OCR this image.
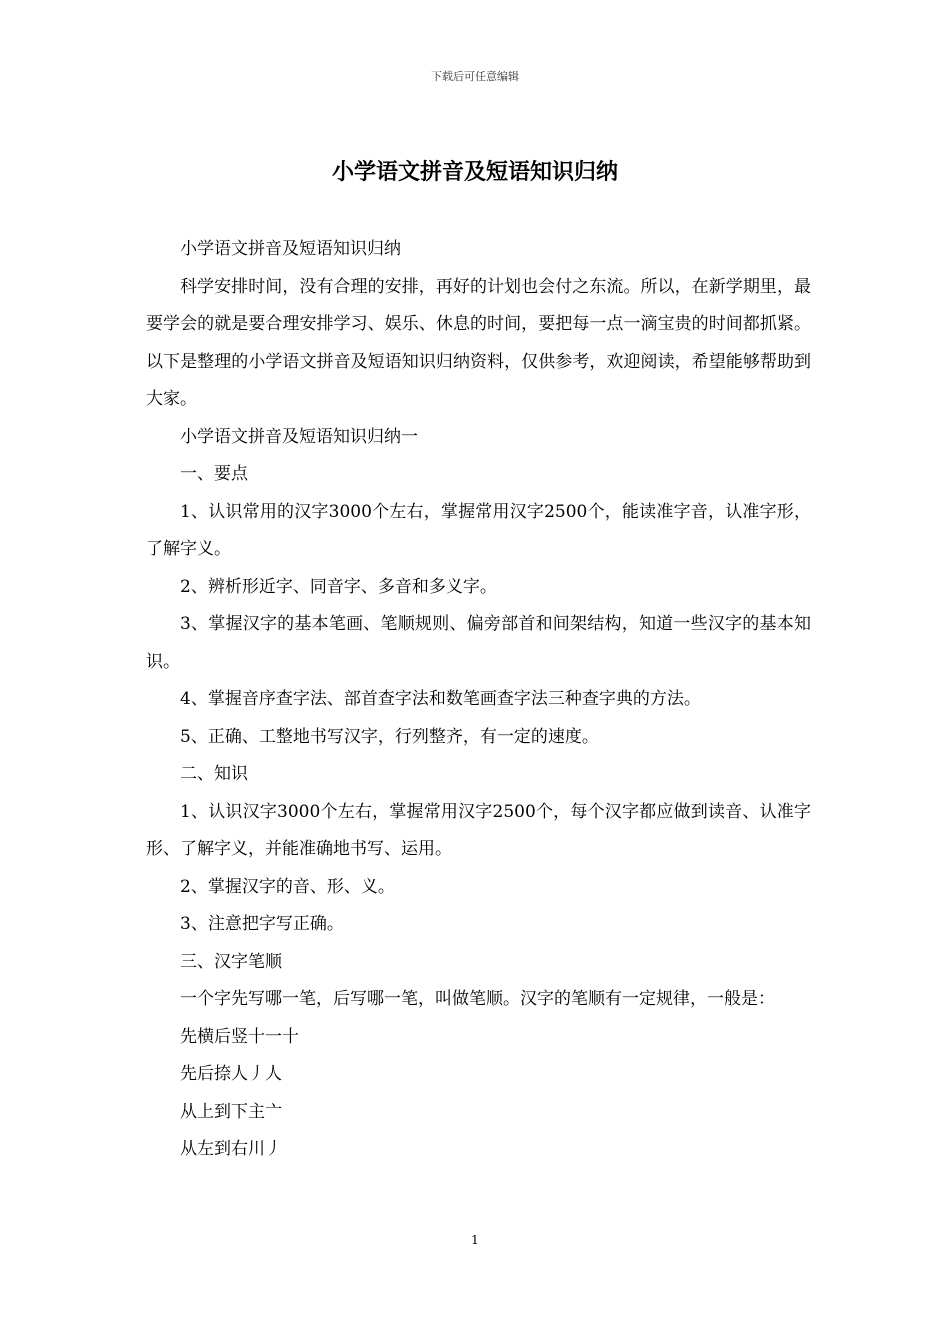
下载后可任意编辑
小学语文拼音及短语知识归纳

小学语文拼音及短语知识归纳

科学安排时间，没有合理的安排，再好的计划也会付之东流。所以，在新学期里，最要学会的就是要合理安排学习、娱乐、休息的时间，要把每一点一滴宝贵的时间都抓紧。以下是整理的小学语文拼音及短语知识归纳资料，仅供参考，欢迎阅读，希望能够帮助到大家。

小学语文拼音及短语知识归纳一

一、要点

1、认识常用的汉字3000个左右，掌握常用汉字2500个，能读准字音，认准字形，了解字义。

2、辨析形近字、同音字、多音和多义字。

3、掌握汉字的基本笔画、笔顺规则、偏旁部首和间架结构，知道一些汉字的基本知识。

4、掌握音序查字法、部首查字法和数笔画查字法三种查字典的方法。

5、正确、工整地书写汉字，行列整齐，有一定的速度。

二、知识

1、认识汉字3000个左右，掌握常用汉字2500个，每个汉字都应做到读音、认准字形、了解字义，并能准确地书写、运用。

2、掌握汉字的音、形、义。

3、注意把字写正确。

三、汉字笔顺

一个字先写哪一笔，后写哪一笔，叫做笔顺。汉字的笔顺有一定规律，一般是：

先横后竖十一十

先后捺人丿人

从上到下主亠

从左到右川丿

1
